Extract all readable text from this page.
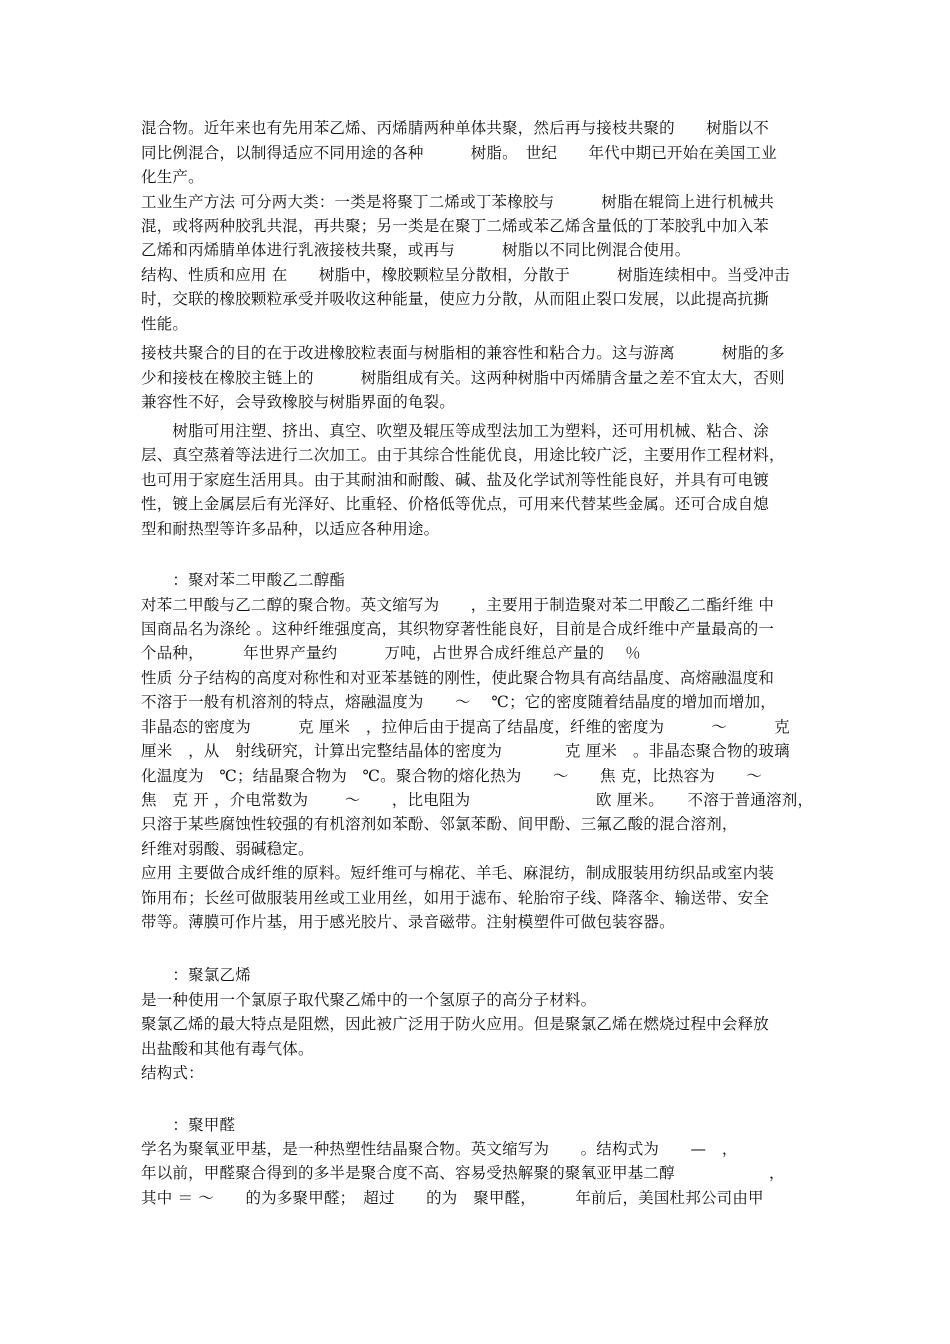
混合物。近年来也有先用苯乙烯、丙烯腈两种单体共聚，然后再与接枝共聚的　　树脂以不
同比例混合，以制得适应不同用途的各种　　　树脂。　世纪　　年代中期已开始在美国工业
化生产。
工业生产方法 可分两大类：一类是将聚丁二烯或丁苯橡胶与　　　树脂在辊筒上进行机械共
混，或将两种胶乳共混，再共聚；另一类是在聚丁二烯或苯乙烯含量低的丁苯胶乳中加入苯
乙烯和丙烯腈单体进行乳液接枝共聚，或再与　　　树脂以不同比例混合使用。
结构、性质和应用 在　　树脂中，橡胶颗粒呈分散相，分散于　　　树脂连续相中。当受冲击
时，交联的橡胶颗粒承受并吸收这种能量，使应力分散，从而阻止裂口发展，以此提高抗撕
性能。
接枝共聚合的目的在于改进橡胶粒表面与树脂相的兼容性和粘合力。这与游离　　　树脂的多
少和接枝在橡胶主链上的　　　树脂组成有关。这两种树脂中丙烯腈含量之差不宜太大，否则
兼容性不好，会导致橡胶与树脂界面的龟裂。
　　树脂可用注塑、挤出、真空、吹塑及辊压等成型法加工为塑料，还可用机械、粘合、涂
层、真空蒸着等法进行二次加工。由于其综合性能优良，用途比较广泛，主要用作工程材料，
也可用于家庭生活用具。由于其耐油和耐酸、碱、盐及化学试剂等性能良好，并具有可电镀
性，镀上金属层后有光泽好、比重轻、价格低等优点，可用来代替某些金属。还可合成自熄
型和耐热型等许多品种，以适应各种用途。
　　：聚对苯二甲酸乙二醇酯
对苯二甲酸与乙二醇的聚合物。英文缩写为　　，主要用于制造聚对苯二甲酸乙二酯纤维 中
国商品名为涤纶 。这种纤维强度高，其织物穿著性能良好，目前是合成纤维中产量最高的一
个品种，　　　年世界产量约　　　万吨，占世界合成纤维总产量的　 ％
性质 分子结构的高度对称性和对亚苯基链的刚性，使此聚合物具有高结晶度、高熔融温度和
不溶于一般有机溶剂的特点，熔融温度为　　～　 ℃；它的密度随着结晶度的增加而增加，
非晶态的密度为　　　克 厘米　，拉伸后由于提高了结晶度，纤维的密度为　　　～　　　克
厘米　，从　射线研究，计算出完整结晶体的密度为　　　　克 厘米　。非晶态聚合物的玻璃
化温度为　℃；结晶聚合物为　℃。聚合物的熔化热为　　～　　焦 克，比热容为　　～
焦　克 开 ，介电常数为　　 ～　　，比电阻为　　　　　　　　欧 厘米。　　不溶于普通溶剂，
只溶于某些腐蚀性较强的有机溶剂如苯酚、邻氯苯酚、间甲酚、三氟乙酸的混合溶剂，
纤维对弱酸、弱碱稳定。
应用 主要做合成纤维的原料。短纤维可与棉花、羊毛、麻混纺，制成服装用纺织品或室内装
饰用布；长丝可做服装用丝或工业用丝，如用于滤布、轮胎帘子线、降落伞、输送带、安全
带等。薄膜可作片基，用于感光胶片、录音磁带。注射模塑件可做包装容器。
　　：聚氯乙烯
是一种使用一个氯原子取代聚乙烯中的一个氢原子的高分子材料。
聚氯乙烯的最大特点是阻燃，因此被广泛用于防火应用。但是聚氯乙烯在燃烧过程中会释放
出盐酸和其他有毒气体。
结构式：
　　：聚甲醛
学名为聚氧亚甲基，是一种热塑性结晶聚合物。英文缩写为　　。结构式为　　—　，
年以前，甲醛聚合得到的多半是聚合度不高、容易受热解聚的聚氧亚甲基二醇　　　　　　，
其中 ＝ ～　　的为多聚甲醛；　超过　　的为　聚甲醛，　　　年前后，美国杜邦公司由甲
